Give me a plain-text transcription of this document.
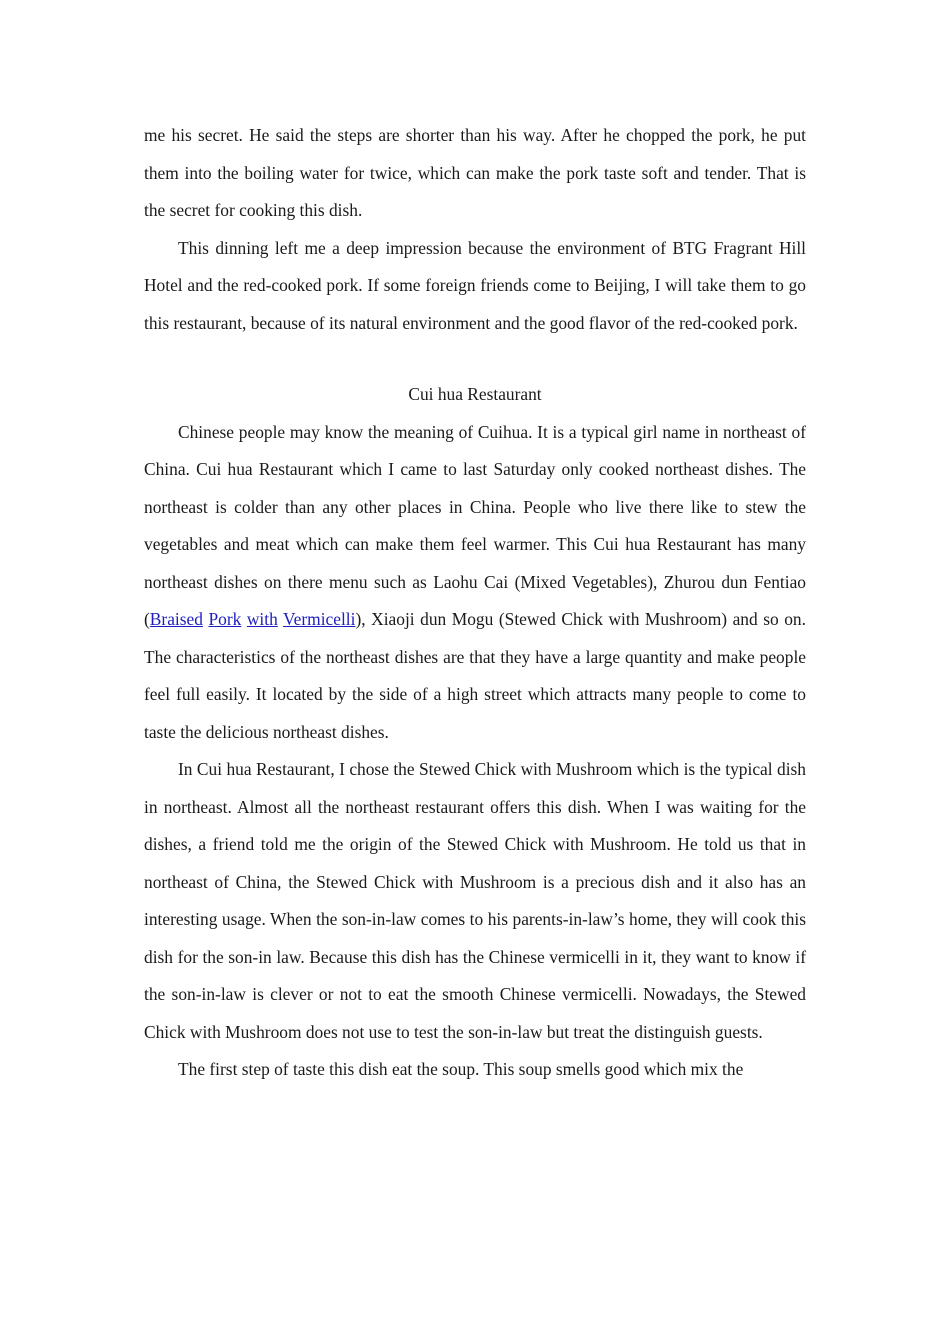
me his secret. He said the steps are shorter than his way. After he chopped the pork, he put them into the boiling water for twice, which can make the pork taste soft and tender. That is the secret for cooking this dish.

This dinning left me a deep impression because the environment of BTG Fragrant Hill Hotel and the red-cooked pork. If some foreign friends come to Beijing, I will take them to go this restaurant, because of its natural environment and the good flavor of the red-cooked pork.

Cui hua Restaurant

Chinese people may know the meaning of Cuihua. It is a typical girl name in northeast of China. Cui hua Restaurant which I came to last Saturday only cooked northeast dishes. The northeast is colder than any other places in China. People who live there like to stew the vegetables and meat which can make them feel warmer. This Cui hua Restaurant has many northeast dishes on there menu such as Laohu Cai (Mixed Vegetables), Zhurou dun Fentiao (Braised Pork with Vermicelli), Xiaoji dun Mogu (Stewed Chick with Mushroom) and so on. The characteristics of the northeast dishes are that they have a large quantity and make people feel full easily. It located by the side of a high street which attracts many people to come to taste the delicious northeast dishes.

In Cui hua Restaurant, I chose the Stewed Chick with Mushroom which is the typical dish in northeast. Almost all the northeast restaurant offers this dish. When I was waiting for the dishes, a friend told me the origin of the Stewed Chick with Mushroom. He told us that in northeast of China, the Stewed Chick with Mushroom is a precious dish and it also has an interesting usage. When the son-in-law comes to his parents-in-law’s home, they will cook this dish for the son-in law. Because this dish has the Chinese vermicelli in it, they want to know if the son-in-law is clever or not to eat the smooth Chinese vermicelli. Nowadays, the Stewed Chick with Mushroom does not use to test the son-in-law but treat the distinguish guests.

The first step of taste this dish eat the soup. This soup smells good which mix the
